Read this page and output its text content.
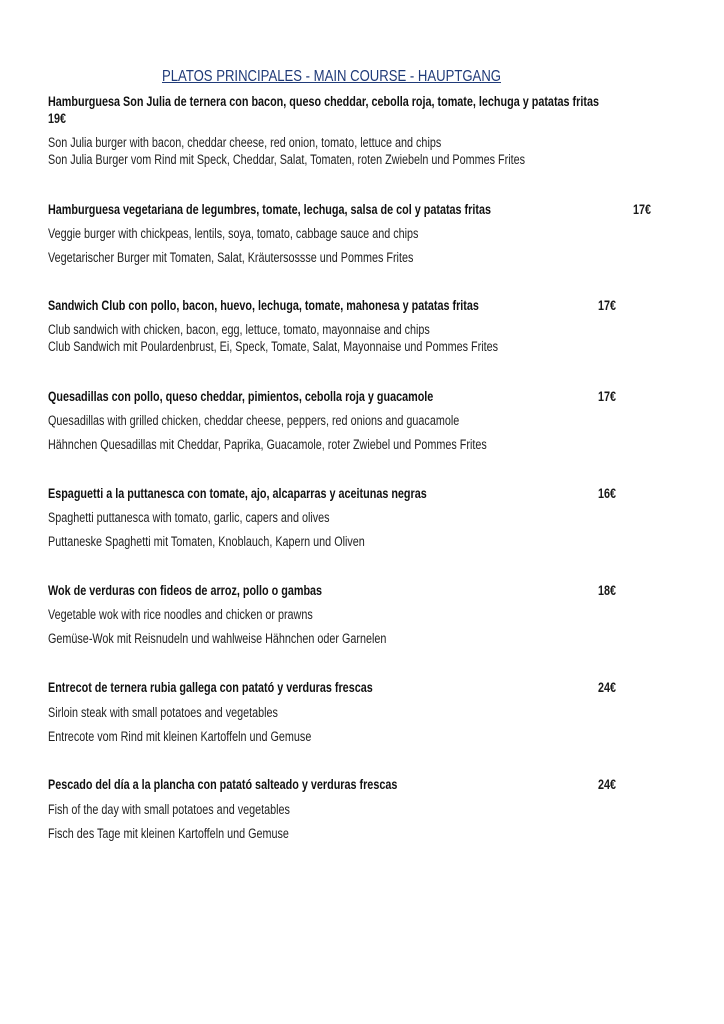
PLATOS PRINCIPALES - MAIN COURSE - HAUPTGANG
Hamburguesa Son Julia de ternera con bacon, queso cheddar, cebolla roja, tomate, lechuga y patatas fritas
19€
Son Julia burger with bacon, cheddar cheese, red onion, tomato, lettuce and chips
Son Julia Burger vom Rind mit Speck, Cheddar, Salat, Tomaten, roten Zwiebeln und Pommes Frites
Hamburguesa vegetariana de legumbres, tomate, lechuga, salsa de col y patatas fritas	17€
Veggie burger with chickpeas, lentils, soya, tomato, cabbage sauce and chips
Vegetarischer Burger mit Tomaten, Salat, Kräutersossse und Pommes Frites
Sandwich Club con pollo, bacon, huevo, lechuga, tomate, mahonesa y patatas fritas	17€
Club sandwich with chicken, bacon, egg, lettuce, tomato, mayonnaise and chips
Club Sandwich mit Poulardenbrust, Ei, Speck, Tomate, Salat, Mayonnaise und Pommes Frites
Quesadillas con pollo, queso cheddar, pimientos, cebolla roja y guacamole	17€
Quesadillas with grilled chicken, cheddar cheese, peppers, red onions and guacamole
Hähnchen Quesadillas mit Cheddar, Paprika, Guacamole, roter Zwiebel und Pommes Frites
Espaguetti a la puttanesca con tomate, ajo, alcaparras y aceitunas negras	16€
Spaghetti puttanesca with tomato, garlic, capers and olives
Puttaneske Spaghetti mit Tomaten, Knoblauch, Kapern und Oliven
Wok de verduras con fideos de arroz, pollo o gambas	18€
Vegetable wok with rice noodles and chicken or prawns
Gemüse-Wok mit Reisnudeln und wahlweise Hähnchen oder Garnelen
Entrecot de ternera rubia gallega con patató y verduras frescas	24€
Sirloin steak with small potatoes and vegetables
Entrecote vom Rind mit kleinen Kartoffeln und Gemuse
Pescado del día a la plancha con patató salteado y verduras frescas	24€
Fish of the day with small potatoes and vegetables
Fisch des Tage mit kleinen Kartoffeln und Gemuse
